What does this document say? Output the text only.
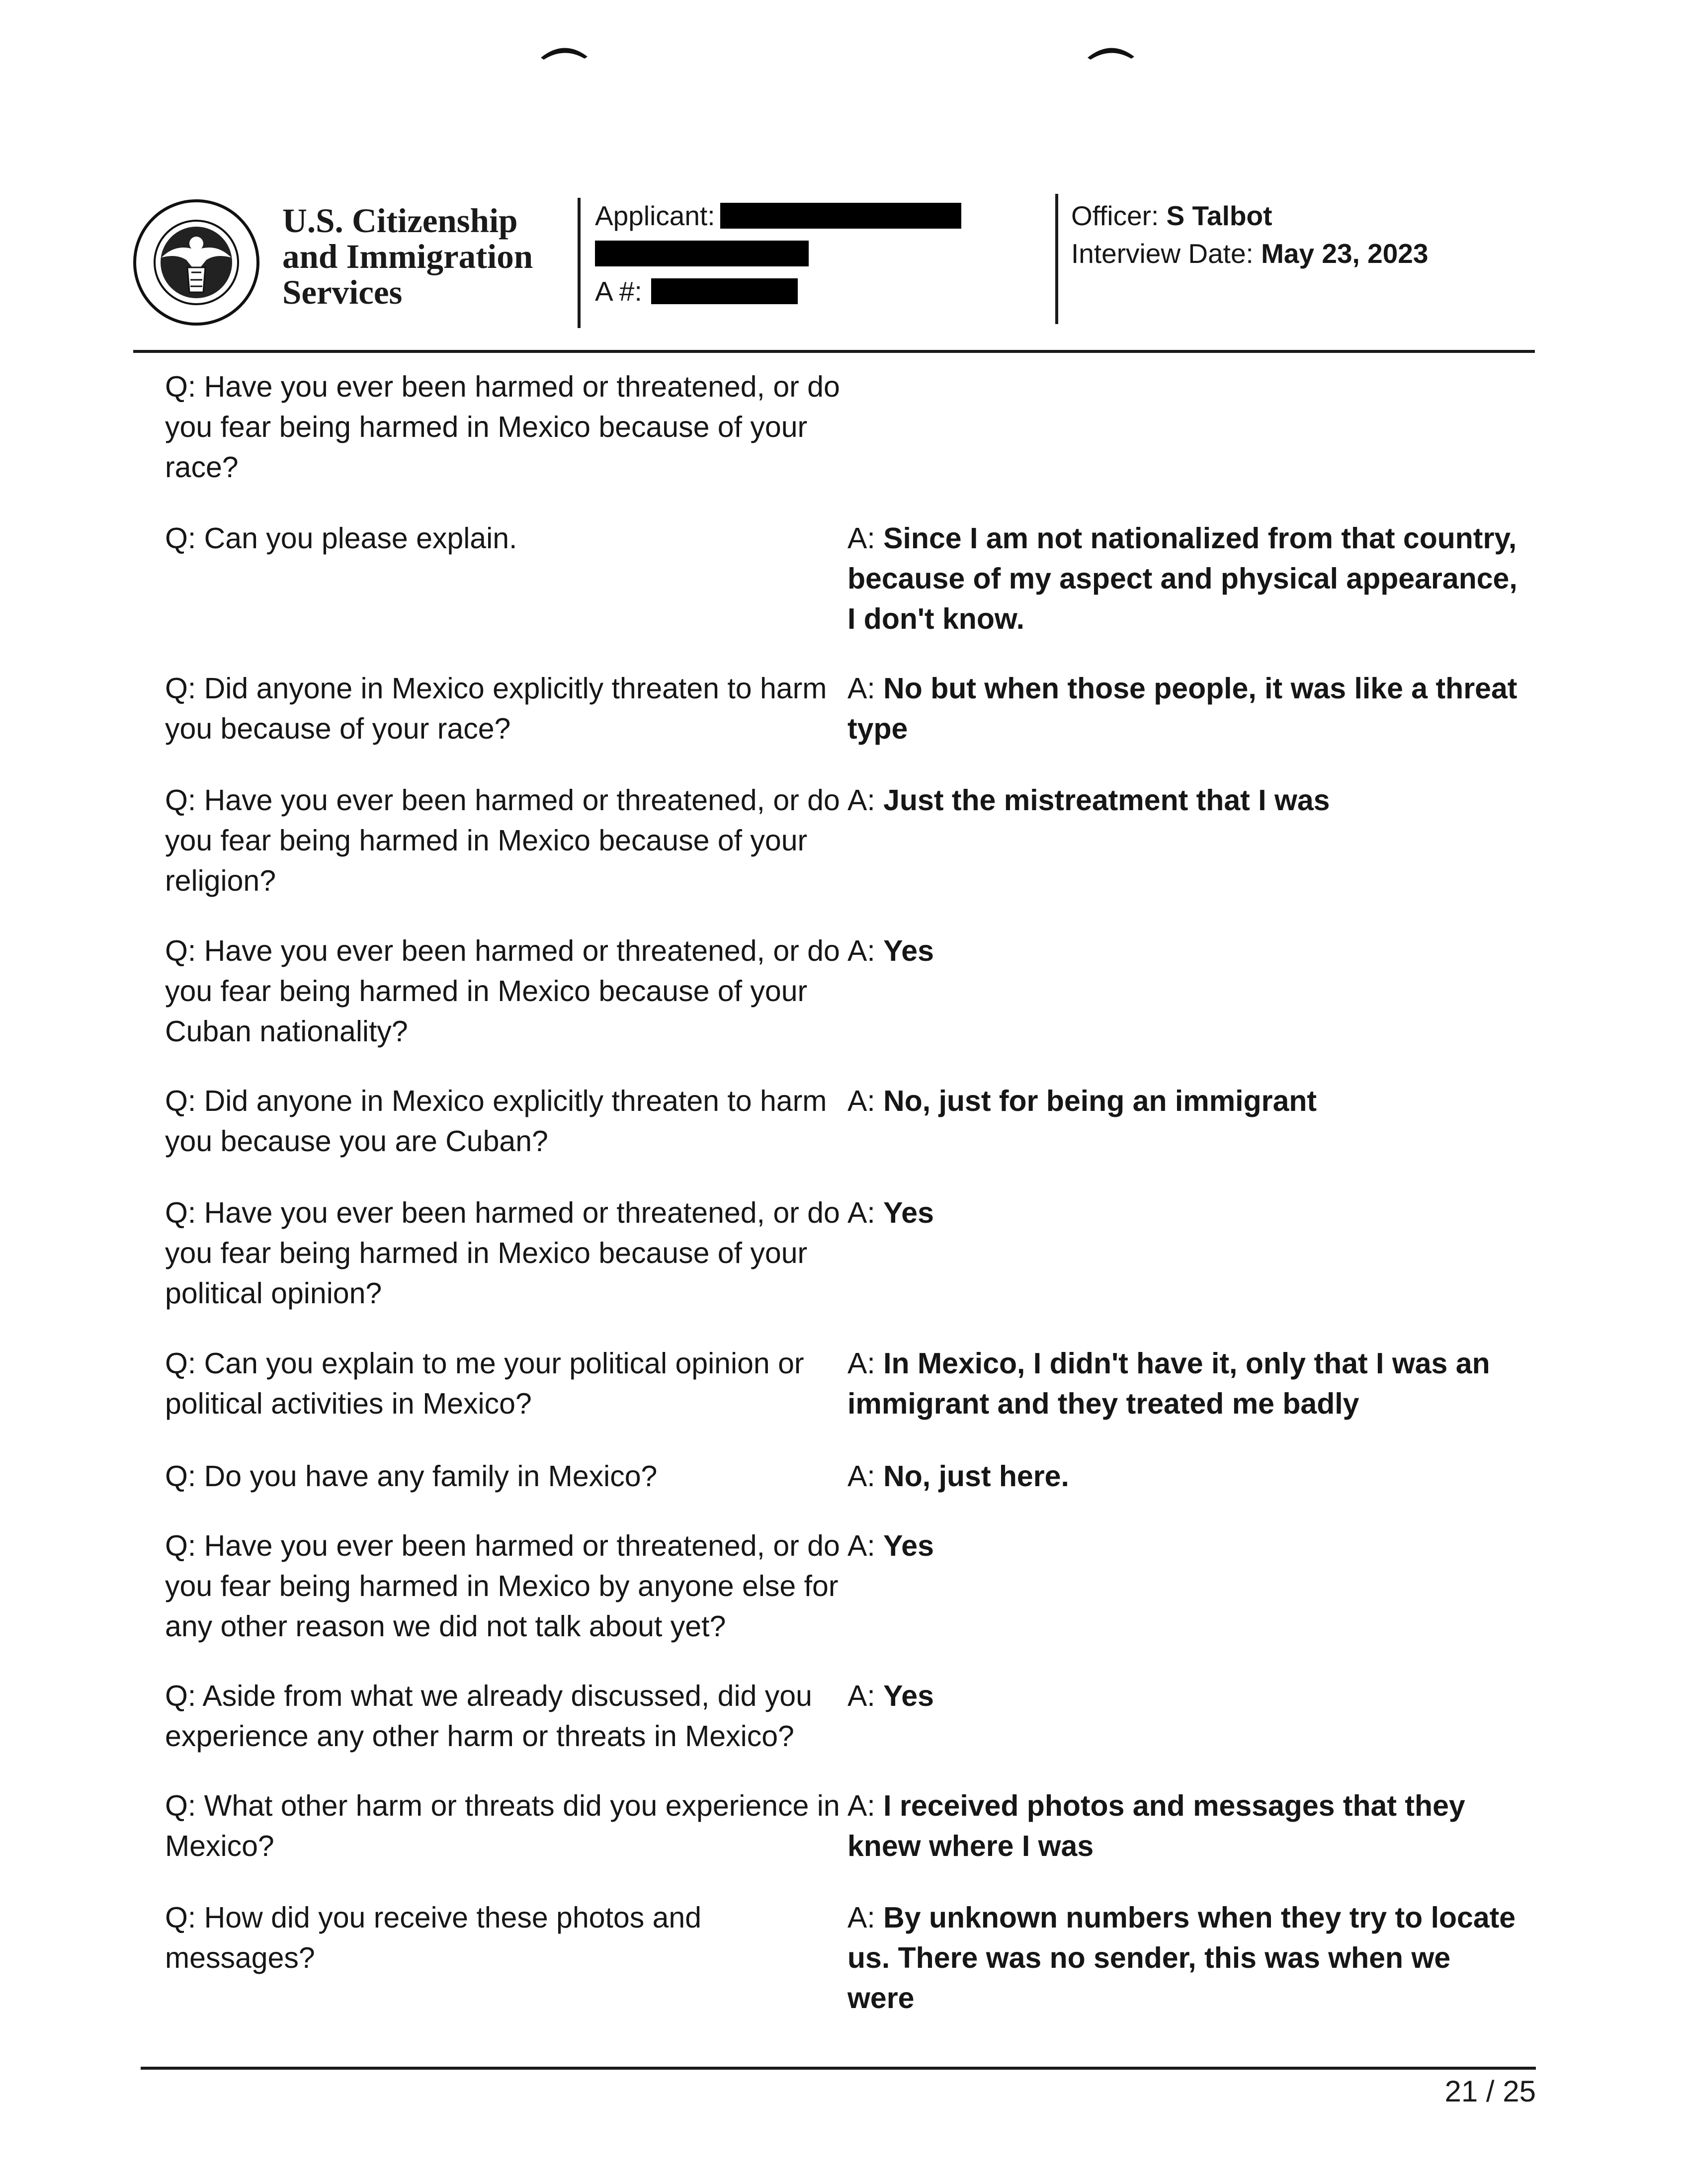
U.S. Citizenship
and Immigration
Services
Applicant:
A #:
Officer: S Talbot
Interview Date: May 23, 2023

Q: Have you ever been harmed or threatened, or do you fear being harmed in Mexico because of your race?

Q: Can you please explain.	A: Since I am not nationalized from that country, because of my aspect and physical appearance, I don't know.

Q: Did anyone in Mexico explicitly threaten to harm you because of your race?

A: No but when those people, it was like a threat type

Q: Have you ever been harmed or threatened, or do you fear being harmed in Mexico because of your religion?

A: Just the mistreatment that I was

Q: Have you ever been harmed or threatened, or do you fear being harmed in Mexico because of your Cuban nationality?

A: Yes

Q: Did anyone in Mexico explicitly threaten to harm you because you are Cuban?

A: No, just for being an immigrant

Q: Have you ever been harmed or threatened, or do you fear being harmed in Mexico because of your political opinion?

A: Yes

Q: Can you explain to me your political opinion or political activities in Mexico?

A: In Mexico, I didn't have it, only that I was an immigrant and they treated me badly

Q: Do you have any family in Mexico?	A: No, just here.

Q: Have you ever been harmed or threatened, or do you fear being harmed in Mexico by anyone else for any other reason we did not talk about yet?

A: Yes

Q: Aside from what we already discussed, did you experience any other harm or threats in Mexico?

A: Yes

Q: What other harm or threats did you experience in Mexico?

A: I received photos and messages that they knew where I was

Q: How did you receive these photos and messages?

A: By unknown numbers when they try to locate us. There was no sender, this was when we were

21 / 25
